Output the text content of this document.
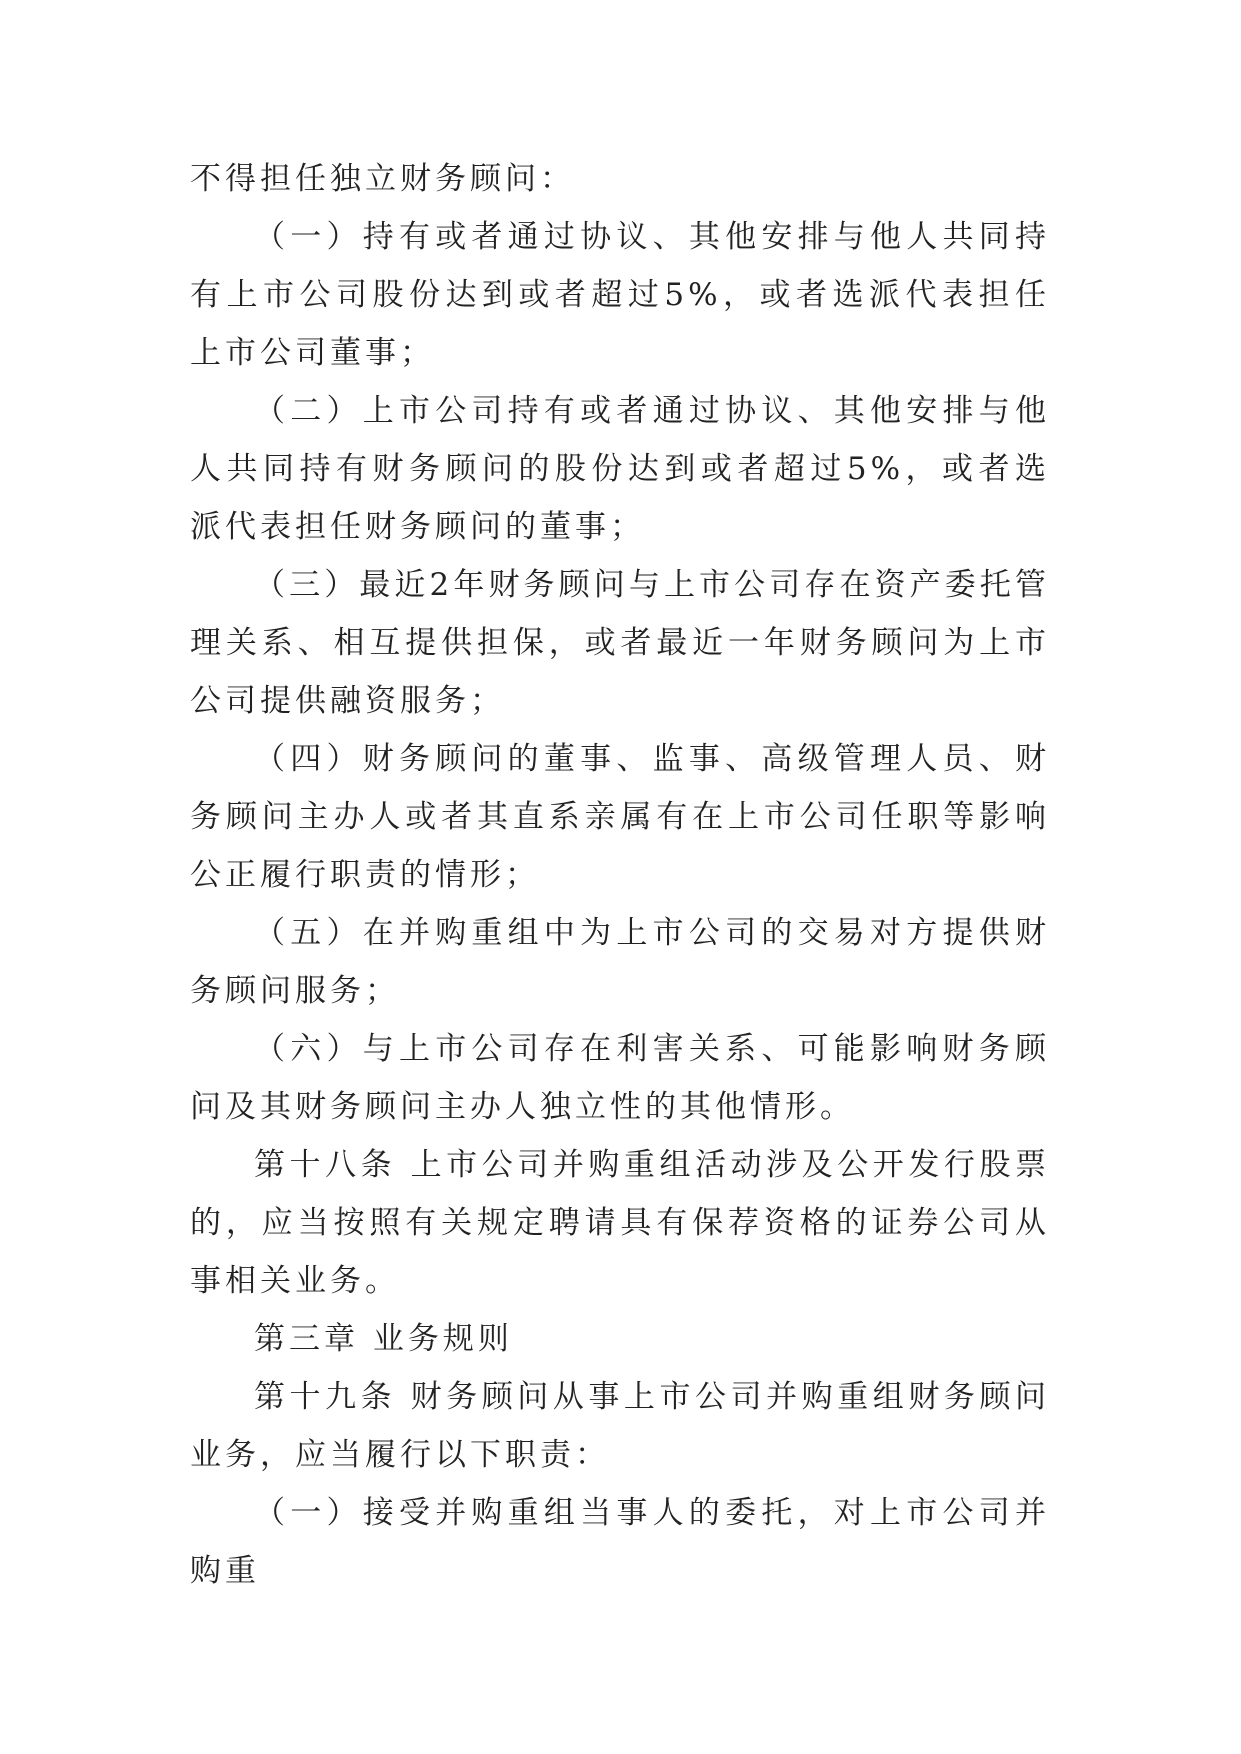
不得担任独立财务顾问：

（一）持有或者通过协议、其他安排与他人共同持有上市公司股份达到或者超过5%，或者选派代表担任上市公司董事；

（二）上市公司持有或者通过协议、其他安排与他人共同持有财务顾问的股份达到或者超过5%，或者选派代表担任财务顾问的董事；

（三）最近2年财务顾问与上市公司存在资产委托管理关系、相互提供担保，或者最近一年财务顾问为上市公司提供融资服务；

（四）财务顾问的董事、监事、高级管理人员、财务顾问主办人或者其直系亲属有在上市公司任职等影响公正履行职责的情形；

（五）在并购重组中为上市公司的交易对方提供财务顾问服务；

（六）与上市公司存在利害关系、可能影响财务顾问及其财务顾问主办人独立性的其他情形。

第十八条 上市公司并购重组活动涉及公开发行股票的，应当按照有关规定聘请具有保荐资格的证券公司从事相关业务。

第三章 业务规则

第十九条 财务顾问从事上市公司并购重组财务顾问业务，应当履行以下职责：

（一）接受并购重组当事人的委托，对上市公司并购重
